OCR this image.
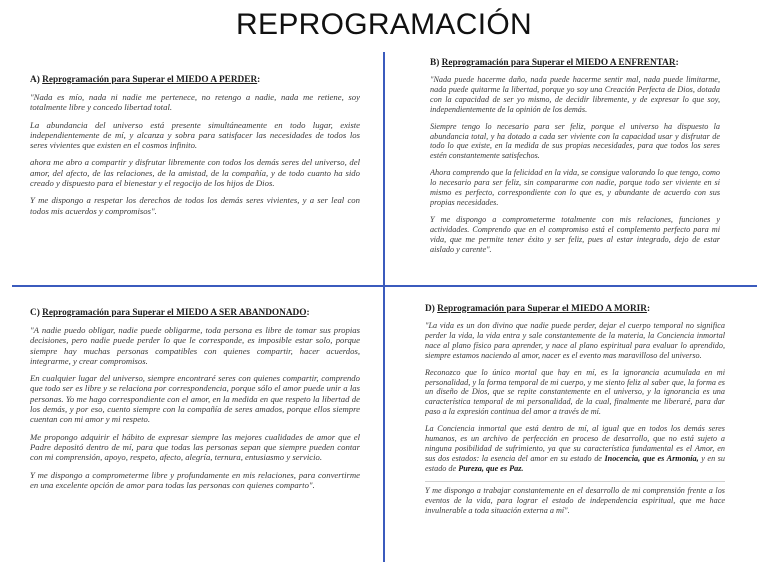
REPROGRAMACIÓN
A) Reprogramación para Superar el MIEDO A PERDER:

"Nada es mío, nada ni nadie me pertenece, no retengo a nadie, nada me retiene, soy totalmente libre y concedo libertad total.

La abundancia del universo está presente simultáneamente en todo lugar, existe independientemente de mí, y alcanza y sobra para satisfacer las necesidades de todos los seres vivientes que existen en el cosmos infinito.

ahora me abro a compartir y disfrutar libremente con todos los demás seres del universo, del amor, del afecto, de las relaciones, de la amistad, de la compañía, y de todo cuanto ha sido creado y dispuesto para el bienestar y el regocijo de los hijos de Dios.

Y me dispongo a respetar los derechos de todos los demás seres vivientes, y a ser leal con todos mis acuerdos y compromisos".

B) Reprogramación para Superar el MIEDO A ENFRENTAR:

"Nada puede hacerme daño, nada puede hacerme sentir mal, nada puede limitarme, nada puede quitarme la libertad, porque yo soy una Creación Perfecta de Dios, dotada con la capacidad de ser yo mismo, de decidir libremente, y de expresar lo que soy, independientemente de la opinión de los demás.

Siempre tengo lo necesario para ser feliz, porque el universo ha dispuesto la abundancia total, y ha dotado a cada ser viviente con la capacidad usar y disfrutar de todo lo que existe, en la medida de sus propias necesidades, para que todos los seres estén constantemente satisfechos.

Ahora comprendo que la felicidad en la vida, se consigue valorando lo que tengo, como lo necesario para ser feliz, sin compararme con nadie, porque todo ser viviente en sí mismo es perfecto, correspondiente con lo que es, y abundante de acuerdo con sus propias necesidades.

Y me dispongo a comprometerme totalmente con mis relaciones, funciones y actividades. Comprendo que en el compromiso está el complemento perfecto para mi vida, que me permite tener éxito y ser feliz, pues al estar integrado, dejo de estar aislado y carente".

C) Reprogramación para Superar el MIEDO A SER ABANDONADO:

"A nadie puedo obligar, nadie puede obligarme, toda persona es libre de tomar sus propias decisiones, pero nadie puede perder lo que le corresponde, es imposible estar solo, porque siempre hay muchas personas compatibles con quienes compartir, hacer acuerdos, integrarme, y crear compromisos.

En cualquier lugar del universo, siempre encontraré seres con quienes compartir, comprendo que todo ser es libre y se relaciona por correspondencia, porque sólo el amor puede unir a las personas. Yo me hago correspondiente con el amor, en la medida en que respeto la libertad de los demás, y por eso, cuento siempre con la compañía de seres amados, porque ellos siempre cuentan con mi amor y mi respeto.

Me propongo adquirir el hábito de expresar siempre las mejores cualidades de amor que el Padre depositó dentro de mí, para que todas las personas sepan que siempre pueden contar con mi comprensión, apoyo, respeto, afecto, alegría, ternura, entusiasmo y servicio.

Y me dispongo a comprometerme libre y profundamente en mis relaciones, para convertirme en una excelente opción de amor para todas las personas con quienes comparto".

D) Reprogramación para Superar el MIEDO A MORIR:

"La vida es un don divino que nadie puede perder, dejar el cuerpo temporal no significa perder la vida, la vida entra y sale constantemente de la materia, la Conciencia inmortal nace al plano físico para aprender, y nace al plano espiritual para evaluar lo aprendido, siempre estamos naciendo al amor, nacer es el evento mas maravilloso del universo.

Reconozco que lo único mortal que hay en mí, es la ignorancia acumulada en mi personalidad, y la forma temporal de mi cuerpo, y me siento feliz al saber que, la forma es un diseño de Dios, que se repite constantemente en el universo, y la ignorancia es una característica temporal de mi personalidad, de la cual, finalmente me liberaré, para dar paso a la expresión continua del amor a través de mí.

La Conciencia inmortal que está dentro de mí, al igual que en todos los demás seres humanos, es un archivo de perfección en proceso de desarrollo, que no está sujeto a ninguna posibilidad de sufrimiento, ya que su característica fundamental es el Amor, en sus dos estados: la esencia del amor en su estado de Inocencia, que es Armonía, y en su estado de Pureza, que es Paz.

Y me dispongo a trabajar constantemente en el desarrollo de mi comprensión frente a los eventos de la vida, para lograr el estado de independencia espiritual, que me hace invulnerable a toda situación externa a mí".
